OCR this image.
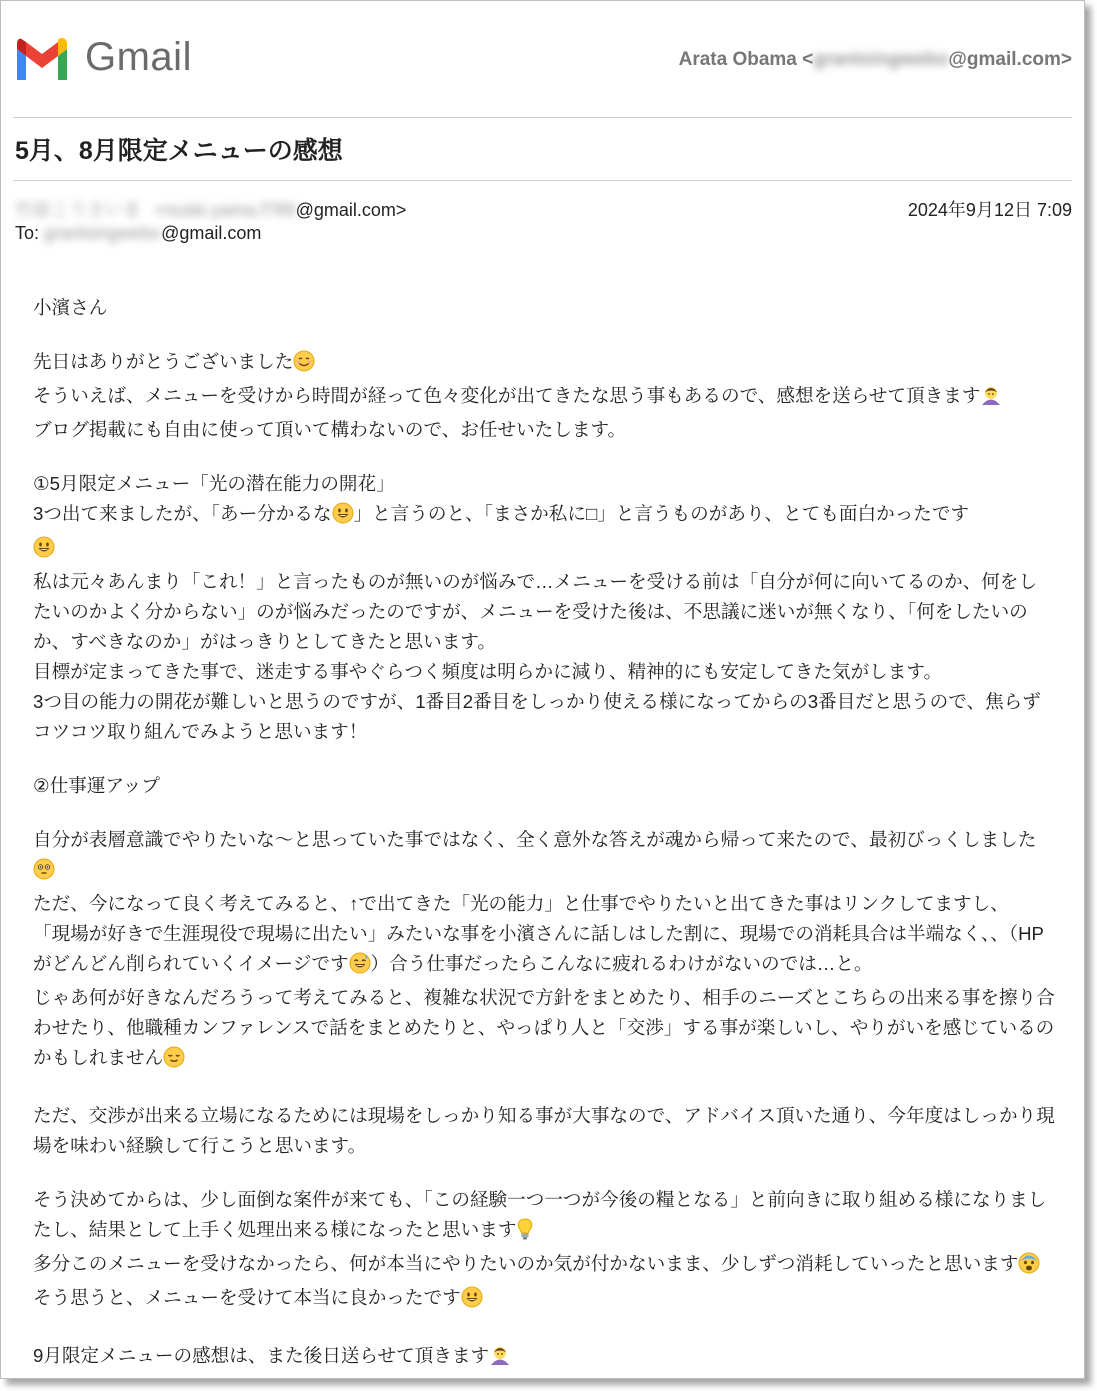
Gmail	Arata Obama <grantsingwebo@gmail.com>
5月、8月限定メニューの感想
竹原こうさいま <nuski.yama.f789@gmail.com>	2024年9月12日 7:09
To: grantsingwebo@gmail.com

小濱さん

先日はありがとうございました
そういえば、メニューを受けから時間が経って色々変化が出てきたな思う事もあるので、感想を送らせて頂きます
ブログ掲載にも自由に使って頂いて構わないので、お任せいたします。

①5月限定メニュー「光の潜在能力の開花」
3つ出て来ましたが、「あー分かるな 」と言うのと、「まさか私に□」と言うものがあり、とても面白かったです
私は元々あんまり「これ！」と言ったものが無いのが悩みで…メニューを受ける前は「自分が何に向いてるのか、何をしたいのかよく分からない」のが悩みだったのですが、メニューを受けた後は、不思議に迷いが無くなり、「何をしたいのか、すべきなのか」がはっきりとしてきたと思います。
目標が定まってきた事で、迷走する事やぐらつく頻度は明らかに減り、精神的にも安定してきた気がします。
3つ目の能力の開花が難しいと思うのですが、1番目2番目をしっかり使える様になってからの3番目だと思うので、焦らずコツコツ取り組んでみようと思います！

②仕事運アップ

自分が表層意識でやりたいな〜と思っていた事ではなく、全く意外な答えが魂から帰って来たので、最初びっくしました
ただ、今になって良く考えてみると、↑で出てきた「光の能力」と仕事でやりたいと出てきた事はリンクしてますし、
「現場が好きで生涯現役で現場に出たい」みたいな事を小濱さんに話しはした割に、現場での消耗具合は半端なく、、（HPがどんどん削られていくイメージです ）合う仕事だったらこんなに疲れるわけがないのでは…と。
じゃあ何が好きなんだろうって考えてみると、複雑な状況で方針をまとめたり、相手のニーズとこちらの出来る事を擦り合わせたり、他職種カンファレンスで話をまとめたりと、やっぱり人と「交渉」する事が楽しいし、やりがいを感じているのかもしれません

ただ、交渉が出来る立場になるためには現場をしっかり知る事が大事なので、アドバイス頂いた通り、今年度はしっかり現場を味わい経験して行こうと思います。

そう決めてからは、少し面倒な案件が来ても、「この経験一つ一つが今後の糧となる」と前向きに取り組める様になりましたし、結果として上手く処理出来る様になったと思います
多分このメニューを受けなかったら、何が本当にやりたいのか気が付かないまま、少しずつ消耗していったと思いますそう思うと、メニューを受けて本当に良かったです

9月限定メニューの感想は、また後日送らせて頂きます
